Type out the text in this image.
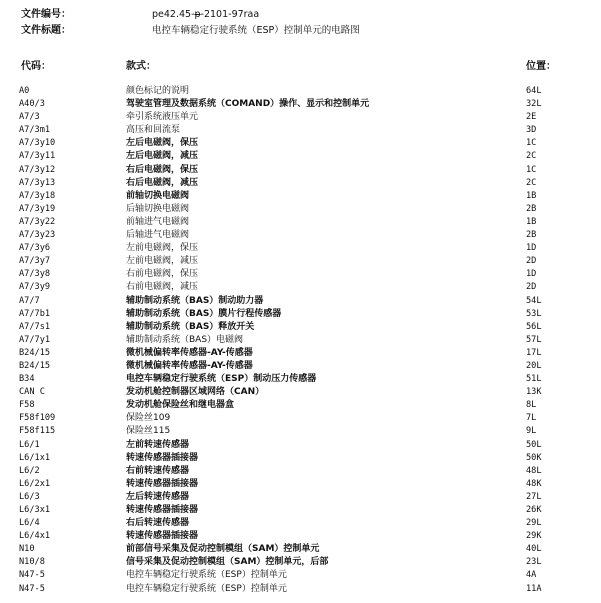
文件编号：	pe42.45-p-2101-97raa
文件标题：	电控车辆稳定行驶系统（ESP）控制单元的电路图
代码：	款式：	位置：
A0	颜色标记的说明	64L
A40/3	驾驶室管理及数据系统（COMAND）操作、显示和控制单元	32L
A7/3	牵引系统液压单元	2E
A7/3m1	高压和回流泵	3D
A7/3y10	左后电磁阀，保压	1C
A7/3y11	左后电磁阀，减压	2C
A7/3y12	右后电磁阀，保压	1C
A7/3y13	右后电磁阀，减压	2C
A7/3y18	前轴切换电磁阀	1B
A7/3y19	后轴切换电磁阀	2B
A7/3y22	前轴进气电磁阀	1B
A7/3y23	后轴进气电磁阀	2B
A7/3y6	左前电磁阀，保压	1D
A7/3y7	左前电磁阀，减压	2D
A7/3y8	右前电磁阀，保压	1D
A7/3y9	右前电磁阀，减压	2D
A7/7	辅助制动系统（BAS）制动助力器	54L
A7/7b1	辅助制动系统（BAS）膜片行程传感器	53L
A7/7s1	辅助制动系统（BAS）释放开关	56L
A7/7y1	辅助制动系统（BAS）电磁阀	57L
B24/15	微机械偏转率传感器-AY-传感器	17L
B24/15	微机械偏转率传感器-AY-传感器	20L
B34	电控车辆稳定行驶系统（ESP）制动压力传感器	51L
CAN C	发动机舱控制器区域网络（CAN）	13K
F58	发动机舱保险丝和继电器盒	8L
F58f109	保险丝109	7L
F58f115	保险丝115	9L
L6/1	左前转速传感器	50L
L6/1x1	转速传感器插接器	50K
L6/2	右前转速传感器	48L
L6/2x1	转速传感器插接器	48K
L6/3	左后转速传感器	27L
L6/3x1	转速传感器插接器	26K
L6/4	右后转速传感器	29L
L6/4x1	转速传感器插接器	29K
N10	前部信号采集及促动控制模组（SAM）控制单元	40L
N10/8	信号采集及促动控制模组（SAM）控制单元，后部	23L
N47-5	电控车辆稳定行驶系统（ESP）控制单元	4A
N47-5	电控车辆稳定行驶系统（ESP）控制单元	11A
